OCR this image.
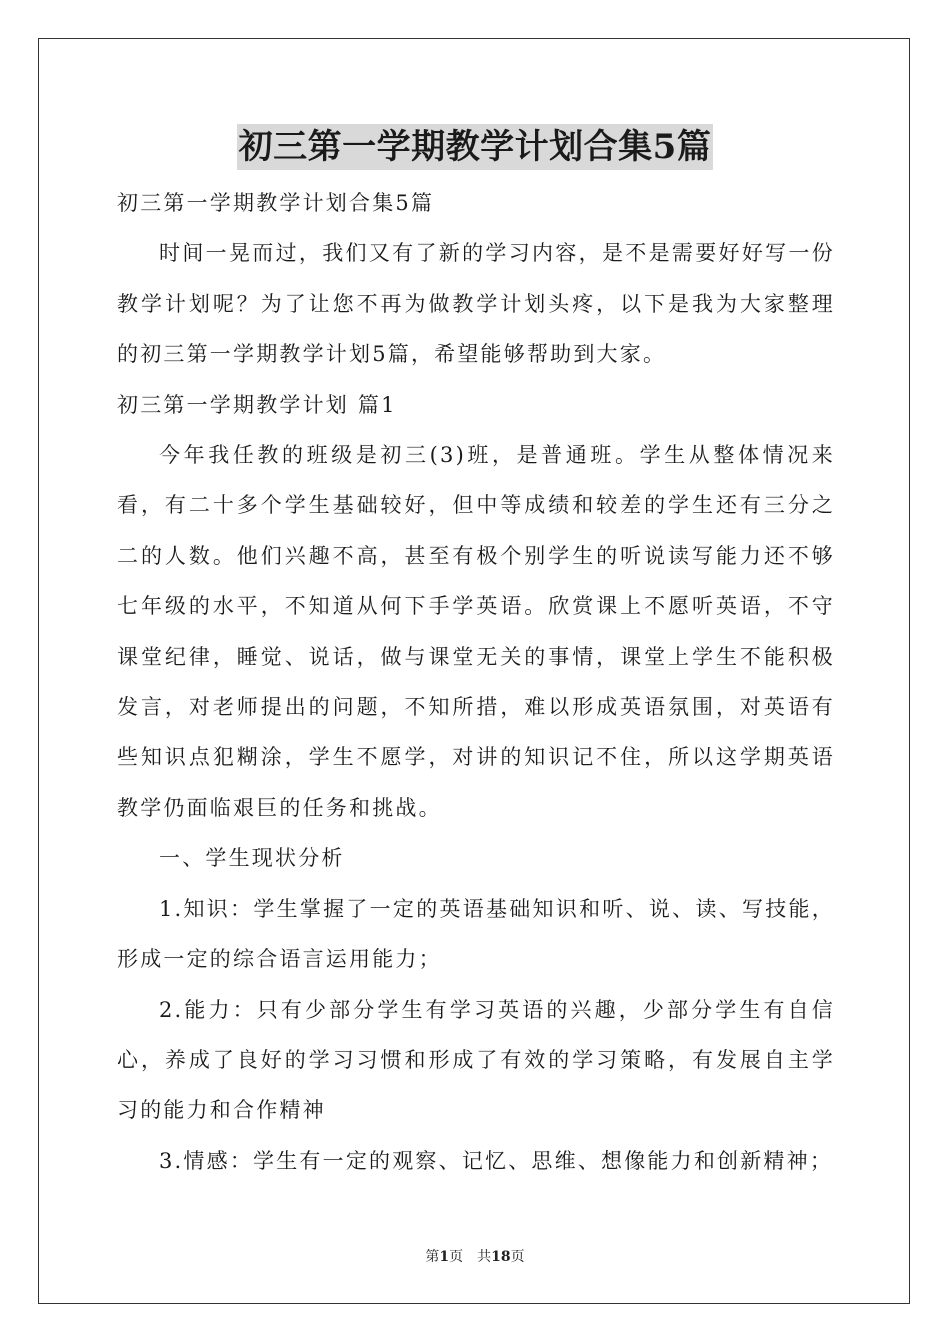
初三第一学期教学计划合集5篇

初三第一学期教学计划合集5篇

时间一晃而过，我们又有了新的学习内容，是不是需要好好写一份教学计划呢？为了让您不再为做教学计划头疼，以下是我为大家整理的初三第一学期教学计划5篇，希望能够帮助到大家。

初三第一学期教学计划 篇1

今年我任教的班级是初三(3)班，是普通班。学生从整体情况来看，有二十多个学生基础较好，但中等成绩和较差的学生还有三分之二的人数。他们兴趣不高，甚至有极个别学生的听说读写能力还不够七年级的水平，不知道从何下手学英语。欣赏课上不愿听英语，不守课堂纪律，睡觉、说话，做与课堂无关的事情，课堂上学生不能积极发言，对老师提出的问题，不知所措，难以形成英语氛围，对英语有些知识点犯糊涂，学生不愿学，对讲的知识记不住，所以这学期英语教学仍面临艰巨的任务和挑战。

一、学生现状分析

1.知识：学生掌握了一定的英语基础知识和听、说、读、写技能，形成一定的综合语言运用能力；

2.能力：只有少部分学生有学习英语的兴趣，少部分学生有自信心，养成了良好的学习习惯和形成了有效的学习策略，有发展自主学习的能力和合作精神

3.情感：学生有一定的观察、记忆、思维、想像能力和创新精神；

第1页 共18页
